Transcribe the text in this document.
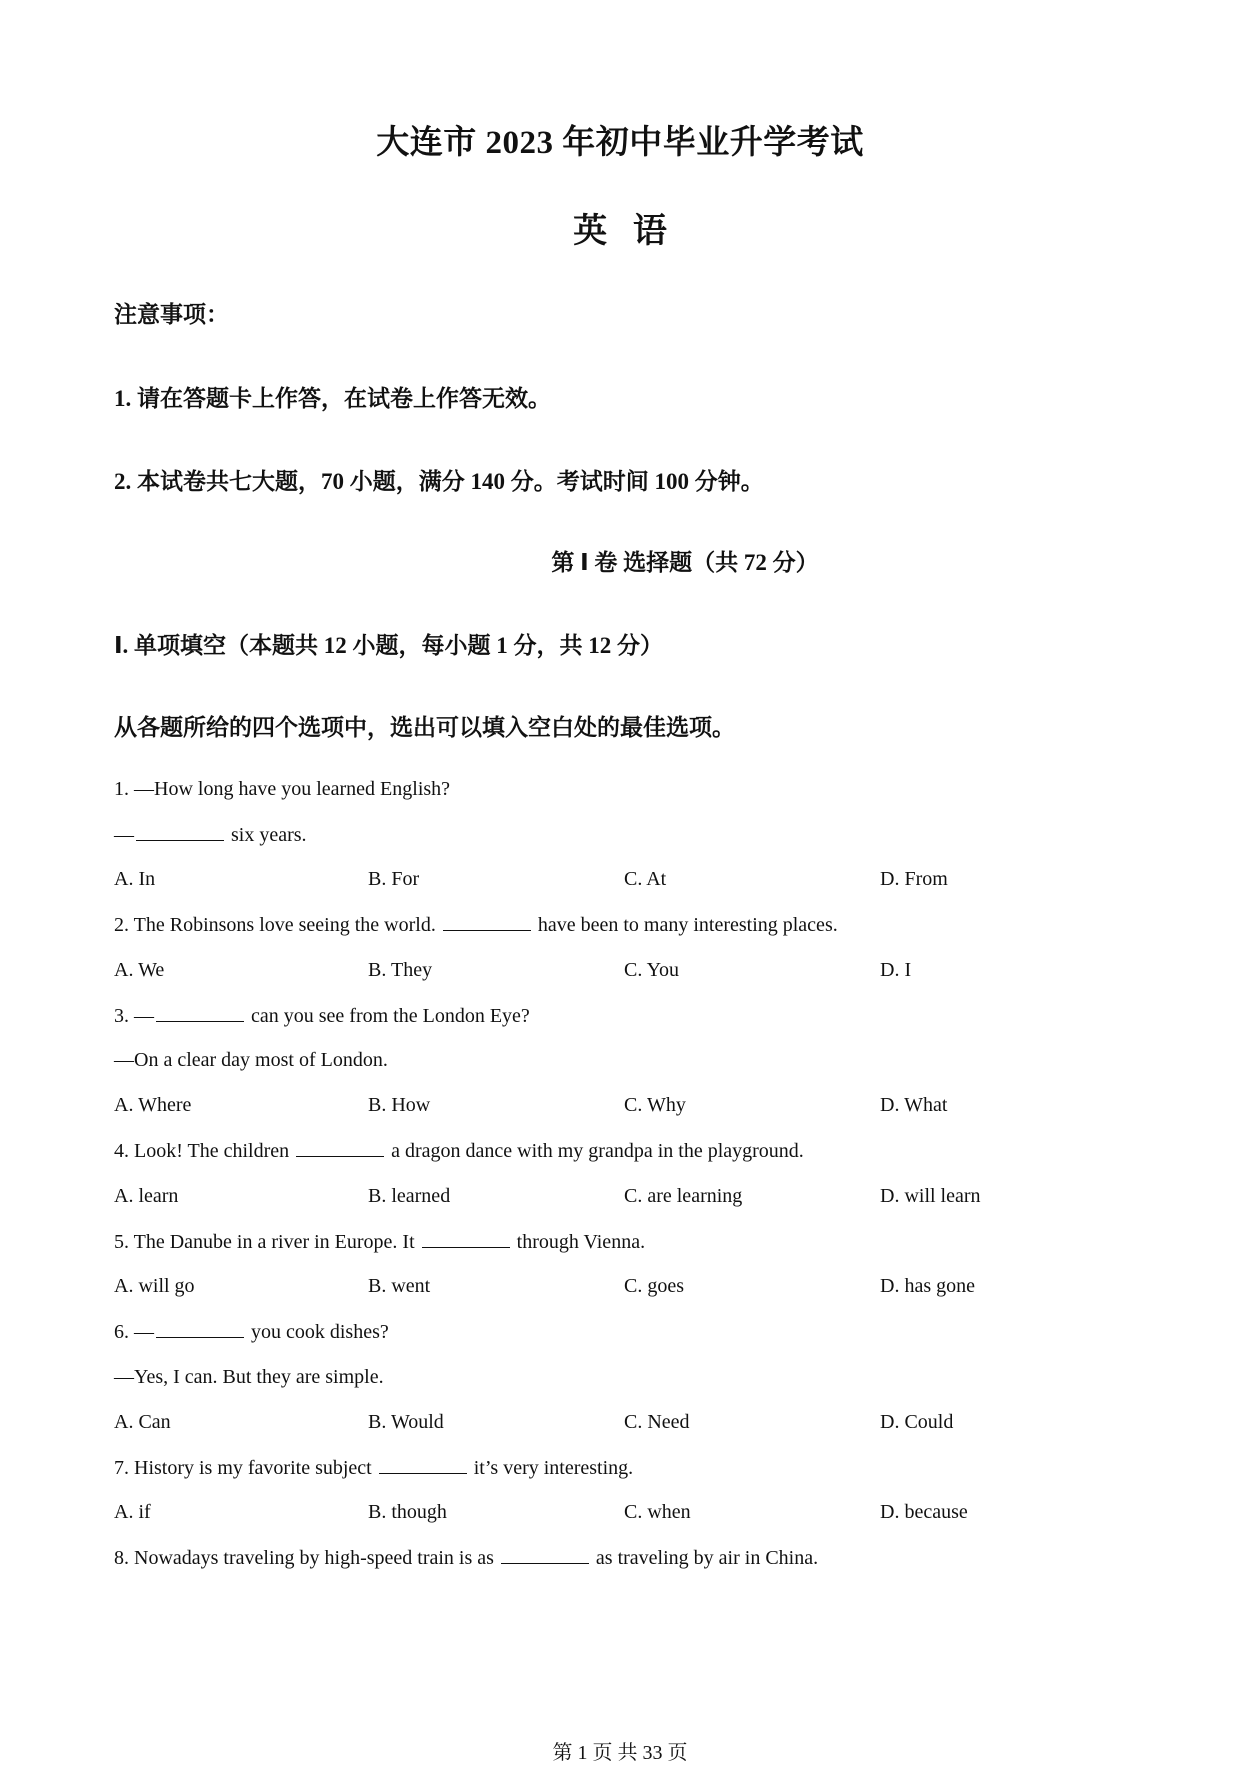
大连市 2023 年初中毕业升学考试
英 语
注意事项：
1. 请在答题卡上作答，在试卷上作答无效。
2. 本试卷共七大题，70 小题，满分 140 分。考试时间 100 分钟。
第 Ⅰ 卷 选择题（共 72 分）
Ⅰ. 单项填空（本题共 12 小题，每小题 1 分，共 12 分）
从各题所给的四个选项中，选出可以填入空白处的最佳选项。
1. —How long have you learned English?
—	six years.
A. In	B. For	C. At	D. From
2. The Robinsons love seeing the world.	have been to many interesting places.
A. We	B. They	C. You	D. I
3. —	can you see from the London Eye?
—On a clear day most of London.
A. Where	B. How	C. Why	D. What
4. Look! The children	a dragon dance with my grandpa in the playground.
A. learn	B. learned	C. are learning	D. will learn
5. The Danube in a river in Europe. It	through Vienna.
A. will go	B. went	C. goes	D. has gone
6. —	you cook dishes?
—Yes, I can. But they are simple.
A. Can	B. Would	C. Need	D. Could
7. History is my favorite subject	it’s very interesting.
A. if	B. though	C. when	D. because
8. Nowadays traveling by high-speed train is as	as traveling by air in China.
第 1 页 共 33 页
